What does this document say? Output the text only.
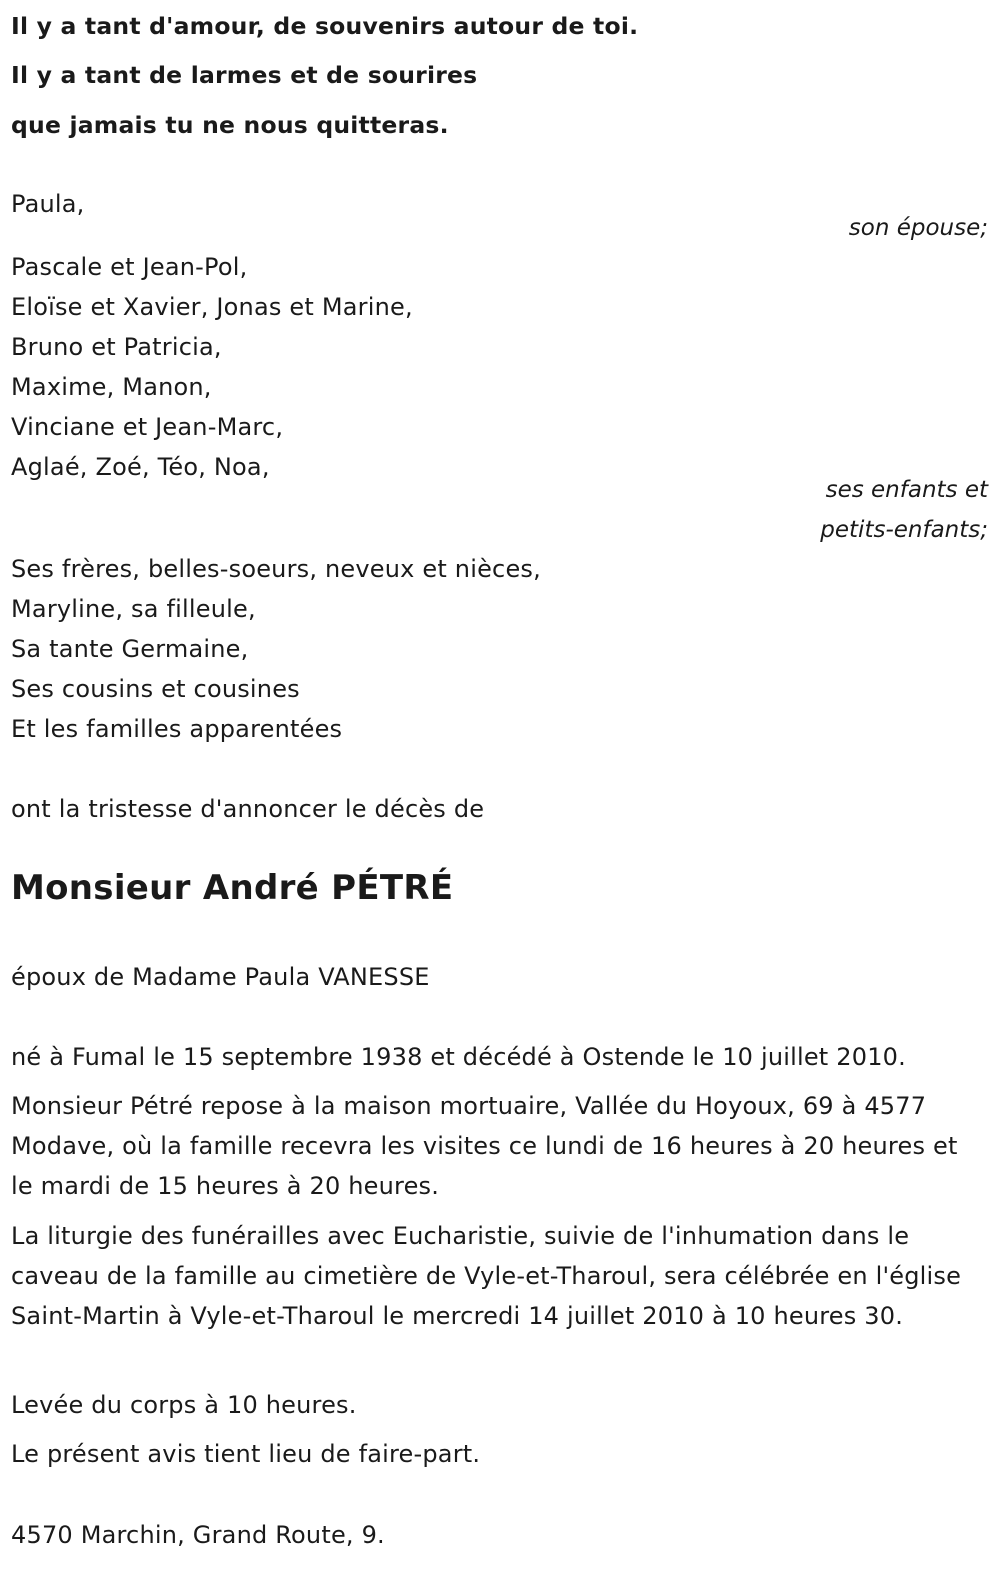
Il y a tant d'amour, de souvenirs autour de toi.
Il y a tant de larmes et de sourires
que jamais tu ne nous quitteras.
Paula,
son épouse;
Pascale et Jean-Pol,
Eloïse et Xavier, Jonas et Marine,
Bruno et Patricia,
Maxime, Manon,
Vinciane et Jean-Marc,
Aglaé, Zoé, Téo, Noa,
ses enfants et
petits-enfants;
Ses frères, belles-soeurs, neveux et nièces,
Maryline, sa filleule,
Sa tante Germaine,
Ses cousins et cousines
Et les familles apparentées
ont la tristesse d'annoncer le décès de
Monsieur André PÉTRÉ
époux de Madame Paula VANESSE
né à Fumal le 15 septembre 1938 et décédé à Ostende le 10 juillet 2010.
Monsieur Pétré repose à la maison mortuaire, Vallée du Hoyoux, 69 à 4577 Modave, où la famille recevra les visites ce lundi de 16 heures à 20 heures et le mardi de 15 heures à 20 heures.
La liturgie des funérailles avec Eucharistie, suivie de l'inhumation dans le caveau de la famille au cimetière de Vyle-et-Tharoul, sera célébrée en l'église Saint-Martin à Vyle-et-Tharoul le mercredi 14 juillet 2010 à 10 heures 30.
Levée du corps à 10 heures.
Le présent avis tient lieu de faire-part.
4570 Marchin, Grand Route, 9.
